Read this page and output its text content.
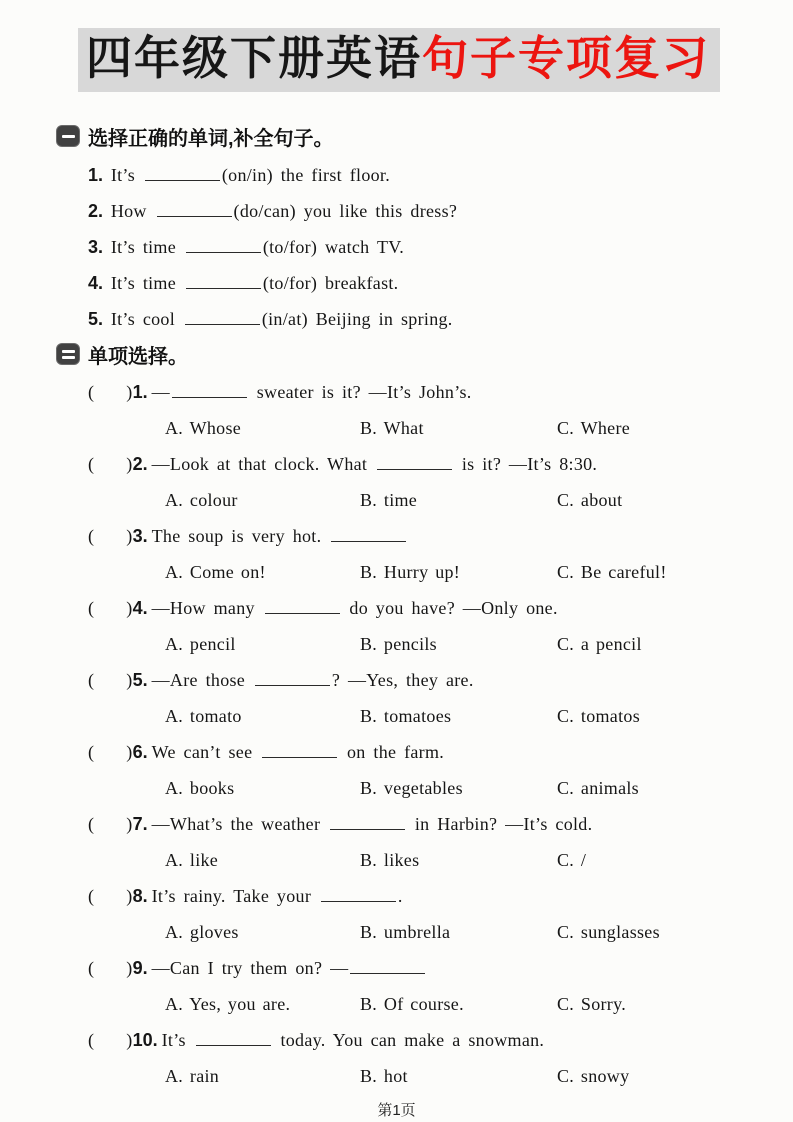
四年级下册英语句子专项复习
选择正确的单词,补全句子。
1. It’s	(on/in) the first floor.
2. How	(do/can) you like this dress?
3. It’s time	(to/for) watch TV.
4. It’s time	(to/for) breakfast.
5. It’s cool	(in/at) Beijing in spring.
单项选择。
( )1. —	sweater is it? —It’s John’s.
A. Whose	B. What	C. Where
( )2. —Look at that clock. What	is it? —It’s 8:30.
A. colour	B. time	C. about
( )3. The soup is very hot.
A. Come on!	B. Hurry up!	C. Be careful!
( )4. —How many	do you have? —Only one.
A. pencil	B. pencils	C. a pencil
( )5. —Are those	? —Yes, they are.
A. tomato	B. tomatoes	C. tomatos
( )6. We can’t see	on the farm.
A. books	B. vegetables	C. animals
( )7. —What’s the weather	in Harbin? —It’s cold.
A. like	B. likes	C. /
( )8. It’s rainy. Take your	.
A. gloves	B. umbrella	C. sunglasses
( )9. —Can I try them on? —
A. Yes, you are.	B. Of course.	C. Sorry.
( )10. It’s	today. You can make a snowman.
A. rain	B. hot	C. snowy
第1页
